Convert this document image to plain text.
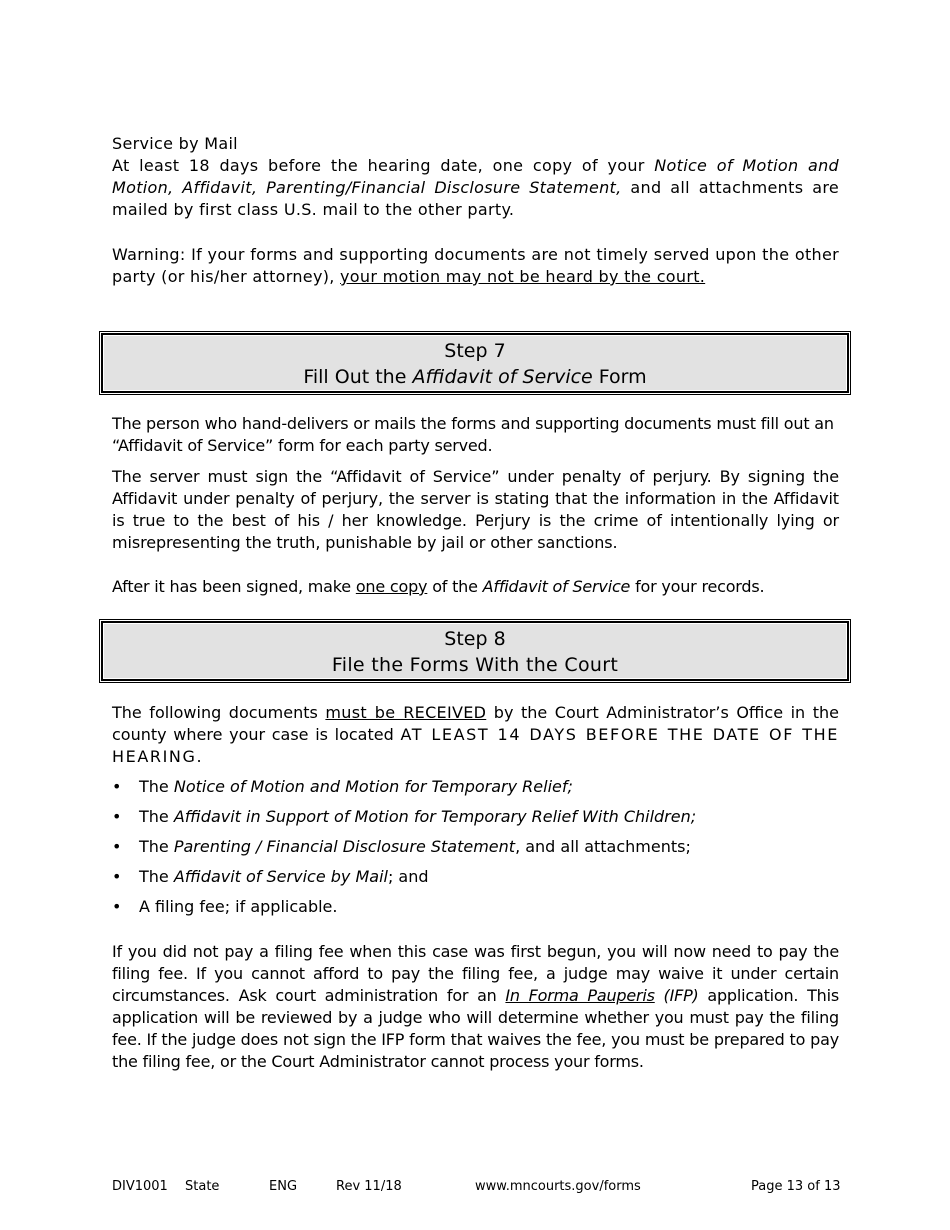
Service by Mail

At least 18 days before the hearing date, one copy of your Notice of Motion and Motion, Affidavit, Parenting/Financial Disclosure Statement, and all attachments are mailed by first class U.S. mail to the other party.

Warning: If your forms and supporting documents are not timely served upon the other party (or his/her attorney), your motion may not be heard by the court.

Step 7
Fill Out the Affidavit of Service Form

The person who hand-delivers or mails the forms and supporting documents must fill out an “Affidavit of Service” form for each party served.

The server must sign the “Affidavit of Service” under penalty of perjury. By signing the Affidavit under penalty of perjury, the server is stating that the information in the Affidavit is true to the best of his / her knowledge. Perjury is the crime of intentionally lying or misrepresenting the truth, punishable by jail or other sanctions.

After it has been signed, make one copy of the Affidavit of Service for your records.

Step 8
File the Forms With the Court

The following documents must be RECEIVED by the Court Administrator’s Office in the county where your case is located AT LEAST 14 DAYS BEFORE THE DATE OF THE HEARING.

• The Notice of Motion and Motion for Temporary Relief;
• The Affidavit in Support of Motion for Temporary Relief With Children;
• The Parenting / Financial Disclosure Statement, and all attachments;
• The Affidavit of Service by Mail; and
• A filing fee; if applicable.

If you did not pay a filing fee when this case was first begun, you will now need to pay the filing fee. If you cannot afford to pay the filing fee, a judge may waive it under certain circumstances. Ask court administration for an In Forma Pauperis (IFP) application. This application will be reviewed by a judge who will determine whether you must pay the filing fee. If the judge does not sign the IFP form that waives the fee, you must be prepared to pay the filing fee, or the Court Administrator cannot process your forms.

DIV1001 State	ENG	Rev 11/18	www.mncourts.gov/forms	Page 13 of 13
